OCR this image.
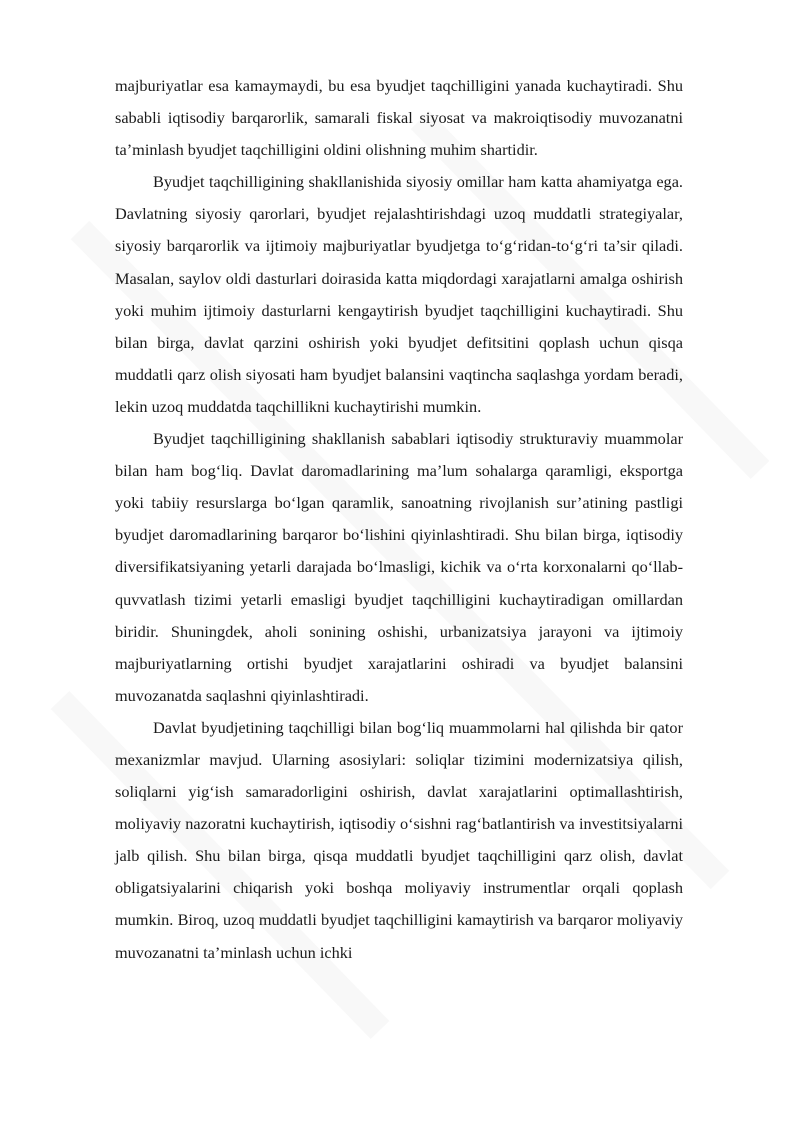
majburiyatlar esa kamaymaydi, bu esa byudjet taqchilligini yanada kuchaytiradi. Shu sababli iqtisodiy barqarorlik, samarali fiskal siyosat va makroiqtisodiy muvozanatni ta’minlash byudjet taqchilligini oldini olishning muhim shartidir.

Byudjet taqchilligining shakllanishida siyosiy omillar ham katta ahamiyatga ega. Davlatning siyosiy qarorlari, byudjet rejalashtirishdagi uzoq muddatli strategiyalar, siyosiy barqarorlik va ijtimoiy majburiyatlar byudjetga to‘g‘ridan-to‘g‘ri ta’sir qiladi. Masalan, saylov oldi dasturlari doirasida katta miqdordagi xarajatlarni amalga oshirish yoki muhim ijtimoiy dasturlarni kengaytirish byudjet taqchilligini kuchaytiradi. Shu bilan birga, davlat qarzini oshirish yoki byudjet defitsitini qoplash uchun qisqa muddatli qarz olish siyosati ham byudjet balansini vaqtincha saqlashga yordam beradi, lekin uzoq muddatda taqchillikni kuchaytirishi mumkin.

Byudjet taqchilligining shakllanish sabablari iqtisodiy strukturaviy muammolar bilan ham bog‘liq. Davlat daromadlarining ma’lum sohalarga qaramligi, eksportga yoki tabiiy resurslarga bo‘lgan qaramlik, sanoatning rivojlanish sur’atining pastligi byudjet daromadlarining barqaror bo‘lishini qiyinlashtiradi. Shu bilan birga, iqtisodiy diversifikatsiyaning yetarli darajada bo‘lmasligi, kichik va o‘rta korxonalarni qo‘llab-quvvatlash tizimi yetarli emasligi byudjet taqchilligini kuchaytiradigan omillardan biridir. Shuningdek, aholi sonining oshishi, urbanizatsiya jarayoni va ijtimoiy majburiyatlarning ortishi byudjet xarajatlarini oshiradi va byudjet balansini muvozanatda saqlashni qiyinlashtiradi.

Davlat byudjetining taqchilligi bilan bog‘liq muammolarni hal qilishda bir qator mexanizmlar mavjud. Ularning asosiylari: soliqlar tizimini modernizatsiya qilish, soliqlarni yig‘ish samaradorligini oshirish, davlat xarajatlarini optimallashtirish, moliyaviy nazoratni kuchaytirish, iqtisodiy o‘sishni rag‘batlantirish va investitsiyalarni jalb qilish. Shu bilan birga, qisqa muddatli byudjet taqchilligini qarz olish, davlat obligatsiyalarini chiqarish yoki boshqa moliyaviy instrumentlar orqali qoplash mumkin. Biroq, uzoq muddatli byudjet taqchilligini kamaytirish va barqaror moliyaviy muvozanatni ta’minlash uchun ichki
